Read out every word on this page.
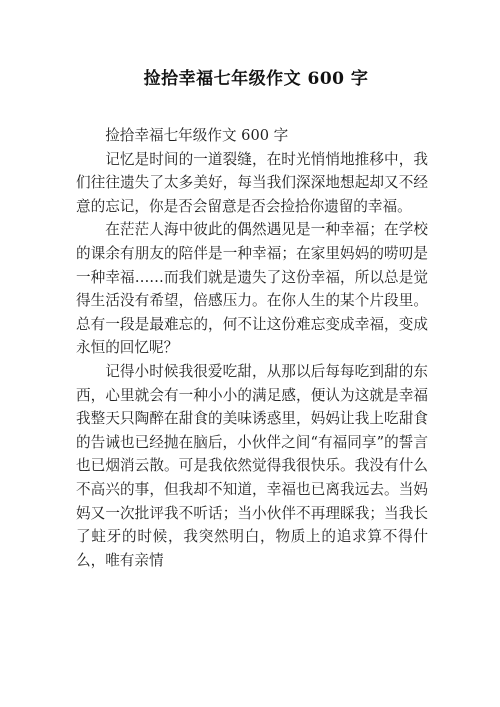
捡拾幸福七年级作文 600 字

捡拾幸福七年级作文 600 字

记忆是时间的一道裂缝，在时光悄悄地推移中，我们往往遗失了太多美好，每当我们深深地想起却又不经意的忘记，你是否会留意是否会捡拾你遗留的幸福。

在茫茫人海中彼此的偶然遇见是一种幸福；在学校的课余有朋友的陪伴是一种幸福；在家里妈妈的唠叨是一种幸福……而我们就是遗失了这份幸福，所以总是觉得生活没有希望，倍感压力。在你人生的某个片段里。总有一段是最难忘的，何不让这份难忘变成幸福，变成永恒的回忆呢？

记得小时候我很爱吃甜，从那以后每每吃到甜的东西，心里就会有一种小小的满足感，便认为这就是幸福我整天只陶醉在甜食的美味诱惑里，妈妈让我上吃甜食的告诫也已经抛在脑后，小伙伴之间“有福同享”的誓言也已烟消云散。可是我依然觉得我很快乐。我没有什么不高兴的事，但我却不知道，幸福也已离我远去。当妈妈又一次批评我不听话；当小伙伴不再理睬我；当我长了蛀牙的时候，我突然明白，物质上的追求算不得什么，唯有亲情
